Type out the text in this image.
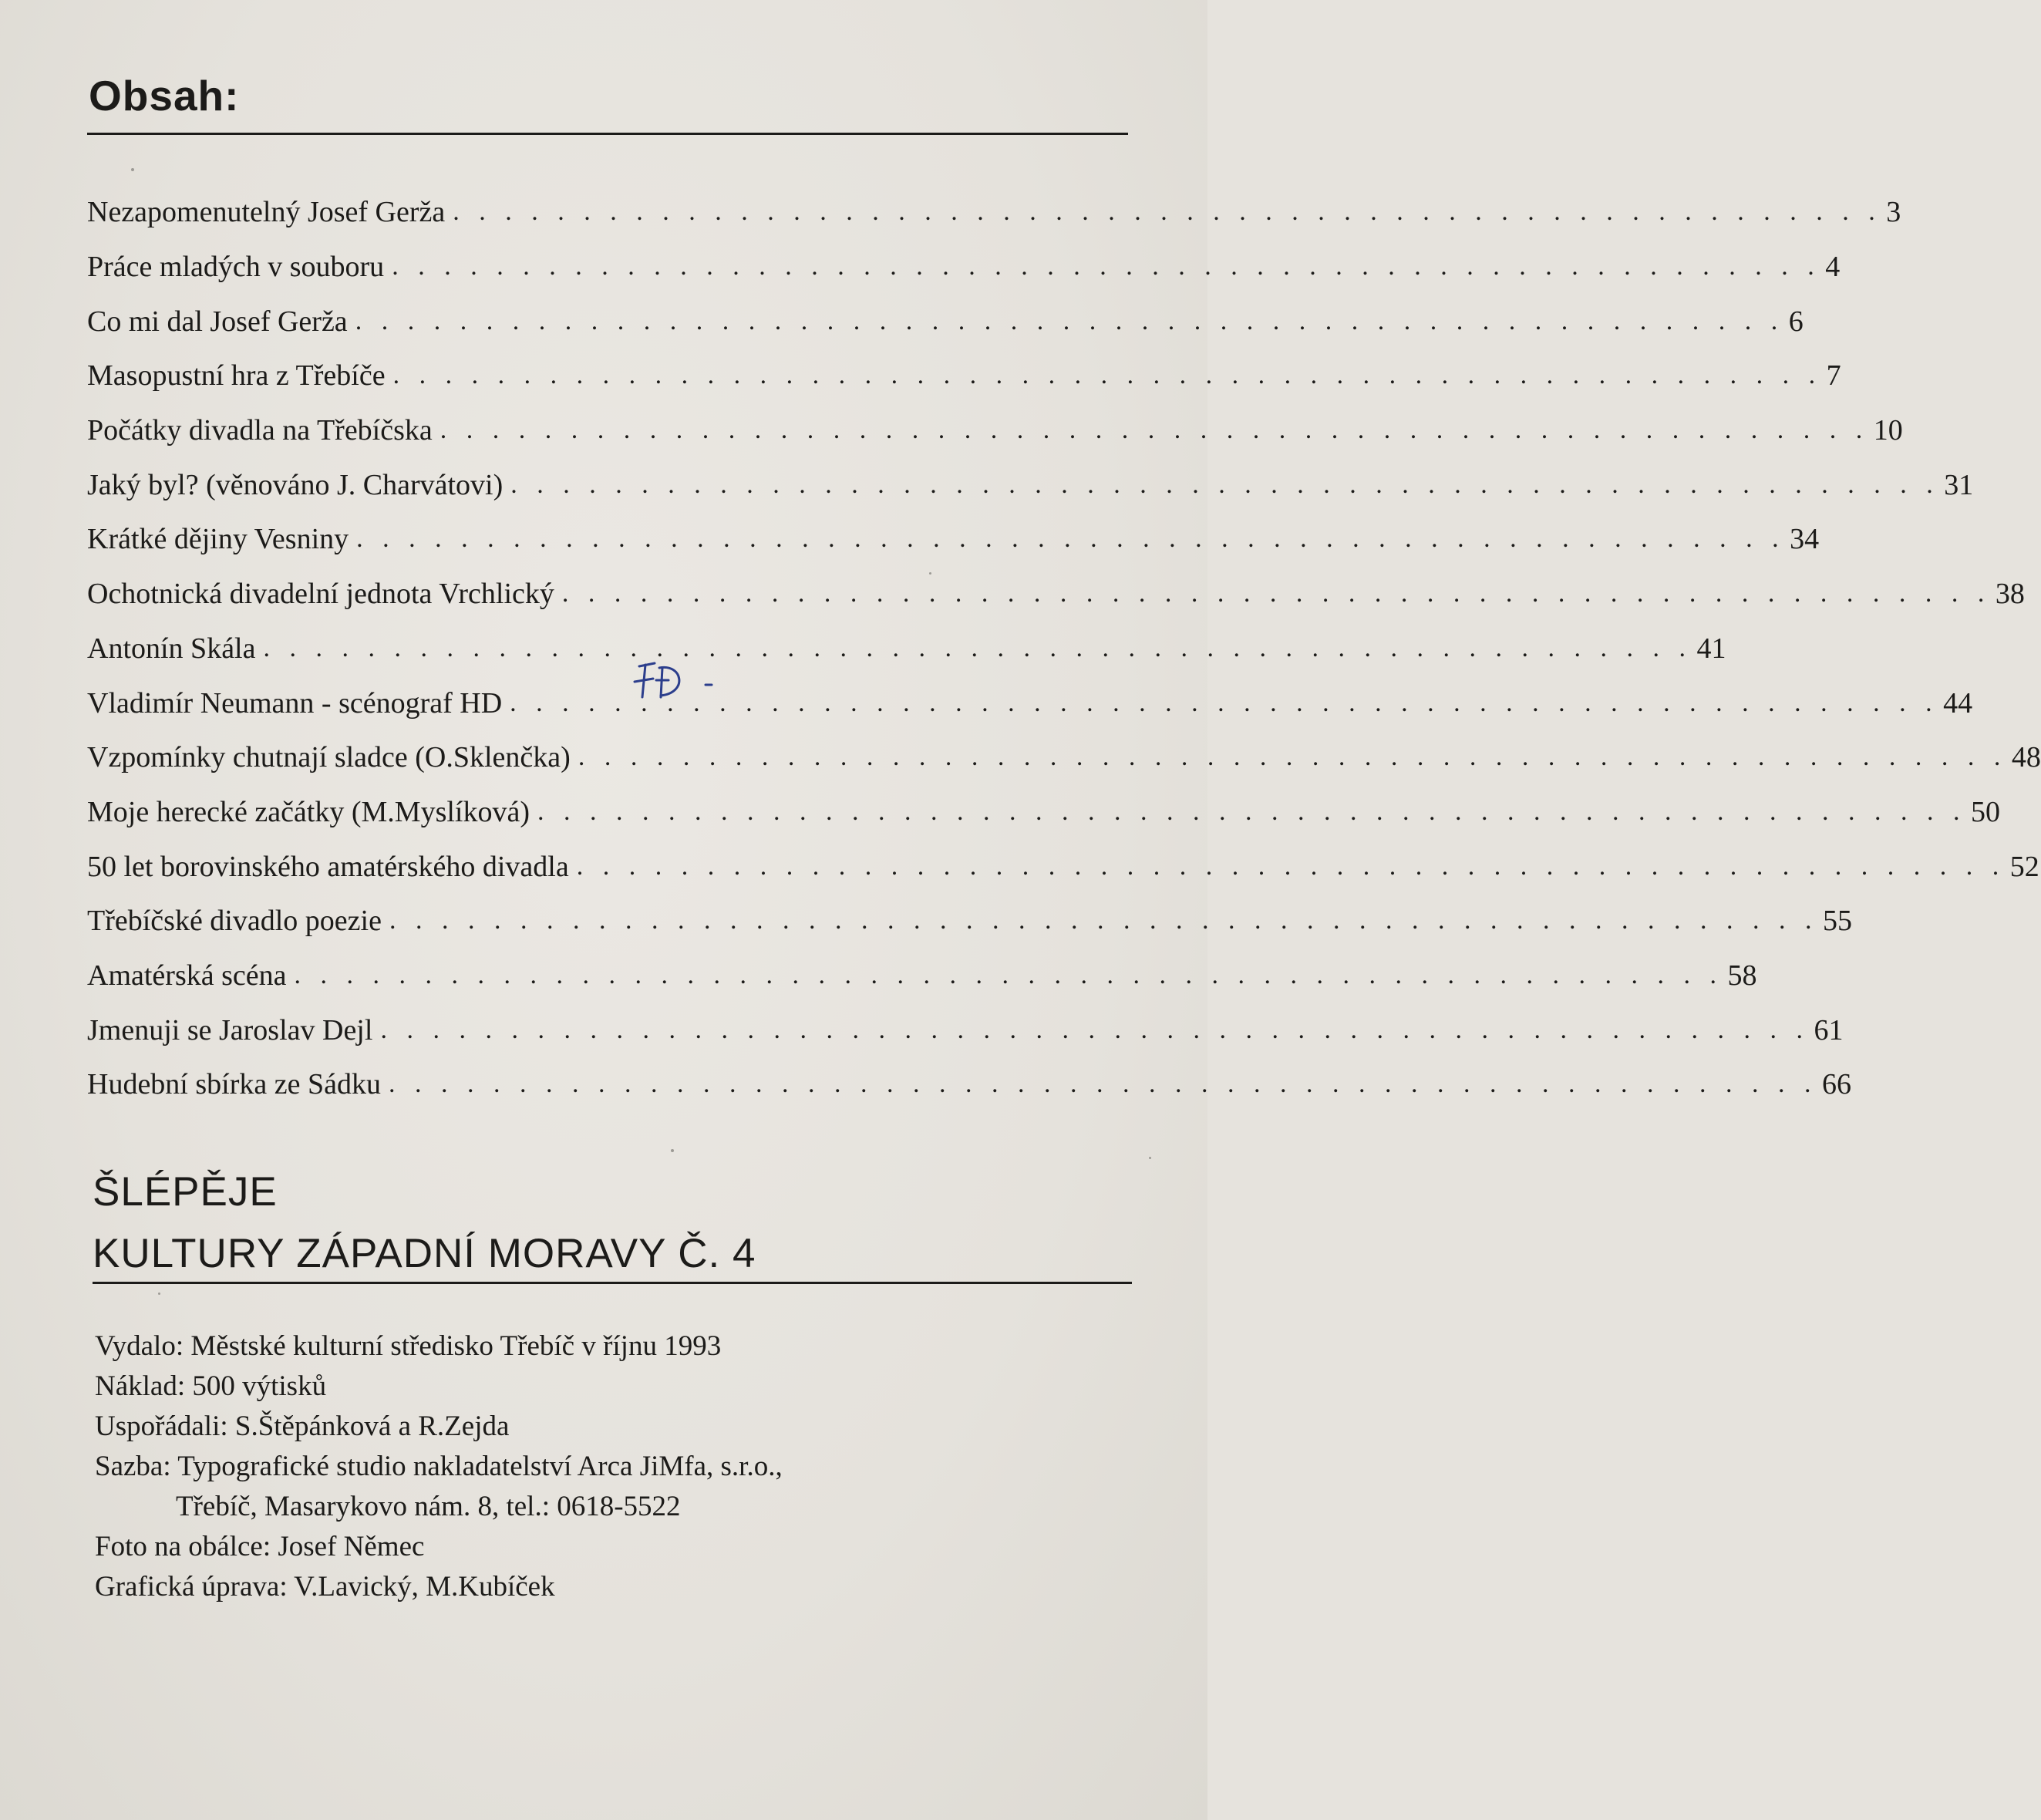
Obsah:
Nezapomenutelný Josef Gerža . . . . . . . . . . . . . . . . . . . . . . . . . . . . . . . . . . . . . . . . . . . . . . . . . . . . . . . 3
Práce mladých v souboru . . . . . . . . . . . . . . . . . . . . . . . . . . . . . . . . . . . . . . . . . . . . . . . . . . . . . . . 4
Co mi dal Josef Gerža . . . . . . . . . . . . . . . . . . . . . . . . . . . . . . . . . . . . . . . . . . . . . . . . . . . . . . . 6
Masopustní hra z Třebíče . . . . . . . . . . . . . . . . . . . . . . . . . . . . . . . . . . . . . . . . . . . . . . . . . . . . . . . 7
Počátky divadla na Třebíčska . . . . . . . . . . . . . . . . . . . . . . . . . . . . . . . . . . . . . . . . . . . . . . . . . . . . . . . 10
Jaký byl? (věnováno J. Charvátovi) . . . . . . . . . . . . . . . . . . . . . . . . . . . . . . . . . . . . . . . . . . . . . . . . . . . . . . . 31
Krátké dějiny Vesniny . . . . . . . . . . . . . . . . . . . . . . . . . . . . . . . . . . . . . . . . . . . . . . . . . . . . . . . 34
Ochotnická divadelní jednota Vrchlický . . . . . . . . . . . . . . . . . . . . . . . . . . . . . . . . . . . . . . . . . . . . . . . . . . . . . . . 38
Antonín Skála . . . . . . . . . . . . . . . . . . . . . . . . . . . . . . . . . . . . . . . . . . . . . . . . . . . . . . . 41
Vladimír Neumann - scénograf HD . . . . . . . . . . . . . . . . . . . . . . . . . . . . . . . . . . . . . . . . . . . . . . . . . . . . . . . 44
Vzpomínky chutnají sladce (O.Sklenčka) . . . . . . . . . . . . . . . . . . . . . . . . . . . . . . . . . . . . . . . . . . . . . . . . . . . . . . . 48
Moje herecké začátky (M.Myslíková) . . . . . . . . . . . . . . . . . . . . . . . . . . . . . . . . . . . . . . . . . . . . . . . . . . . . . . . 50
50 let borovinského amatérského divadla . . . . . . . . . . . . . . . . . . . . . . . . . . . . . . . . . . . . . . . . . . . . . . . . . . . . . . . 52
Třebíčské divadlo poezie . . . . . . . . . . . . . . . . . . . . . . . . . . . . . . . . . . . . . . . . . . . . . . . . . . . . . . . 55
Amatérská scéna . . . . . . . . . . . . . . . . . . . . . . . . . . . . . . . . . . . . . . . . . . . . . . . . . . . . . . . 58
Jmenuji se Jaroslav Dejl . . . . . . . . . . . . . . . . . . . . . . . . . . . . . . . . . . . . . . . . . . . . . . . . . . . . . . . 61
Hudební sbírka ze Sádku . . . . . . . . . . . . . . . . . . . . . . . . . . . . . . . . . . . . . . . . . . . . . . . . . . . . . . . 66
ŠLÉPĚJE
KULTURY ZÁPADNÍ MORAVY Č. 4
Vydalo: Městské kulturní středisko Třebíč v říjnu 1993
Náklad: 500 výtisků
Uspořádali: S.Štěpánková a R.Zejda
Sazba: Typografické studio nakladatelství Arca JiMfa, s.r.o.,
Třebíč, Masarykovo nám. 8, tel.: 0618-5522
Foto na obálce: Josef Němec
Grafická úprava: V.Lavický, M.Kubíček
